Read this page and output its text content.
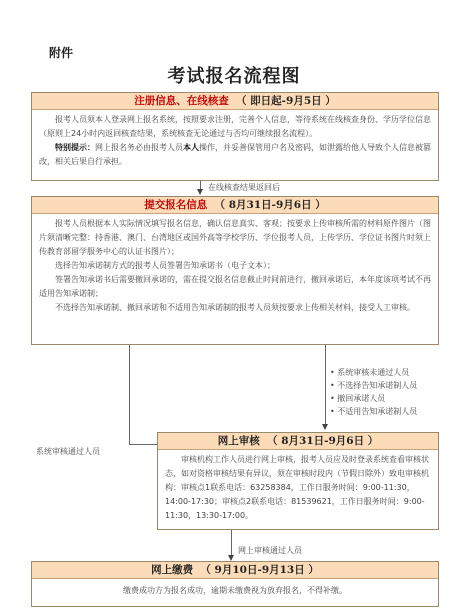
附件
考试报名流程图
注册信息、在线核查 （ 即日起-9月5日 ）

报考人员须本人登录网上报名系统，按照要求注册，完善个人信息，等待系统在线核查身份、学历学位信息（原则上24小时内返回核查结果，系统核查无论通过与否均可继续报名流程）。

特别提示：网上报名务必由报考人员本人操作，并妥善保管用户名及密码，如泄露给他人导致个人信息被篡改，相关后果自行承担。

在线核查结果返回后
提交报名信息 （ 8月31日-9月6日 ）

报考人员根据本人实际情况填写报名信息，确认信息真实、客观；按要求上传审核所需的材料原件图片（图片须清晰完整：持香港、澳门、台湾地区或国外高等学校学历、学位报考人员，上传学历、学位证书图片时须上传教育部留学服务中心的认证书图片）；

选择告知承诺制方式的报考人员签署告知承诺书（电子文本）；

签署告知承诺书后需要撤回承诺的，需在提交报名信息截止时间前进行，撤回承诺后，本年度该项考试不再适用告知承诺制；

不选择告知承诺制、撤回承诺和不适用告知承诺制的报考人员须按要求上传相关材料，接受人工审核。

系统审核通过人员
• 系统审核未通过人员
• 不选择告知承诺制人员
• 撤回承诺人员
• 不适用告知承诺制人员
网上审核 （ 8月31日-9月6日 ）

审核机构工作人员进行网上审核，报考人员应及时登录系统查看审核状态，如对资格审核结果有异议，须在审核时段内（节假日除外）致电审核机构：审核点1联系电话：63258384，工作日服务时间：9:00-11:30，14:00-17:30；审核点2联系电话：81539621，工作日服务时间：9:00-11:30，13:30-17:00。

网上审核通过人员
网上缴费 （ 9月10日-9月13日 ）
缴费成功方为报名成功，逾期未缴费视为放弃报名，不得补缴。
